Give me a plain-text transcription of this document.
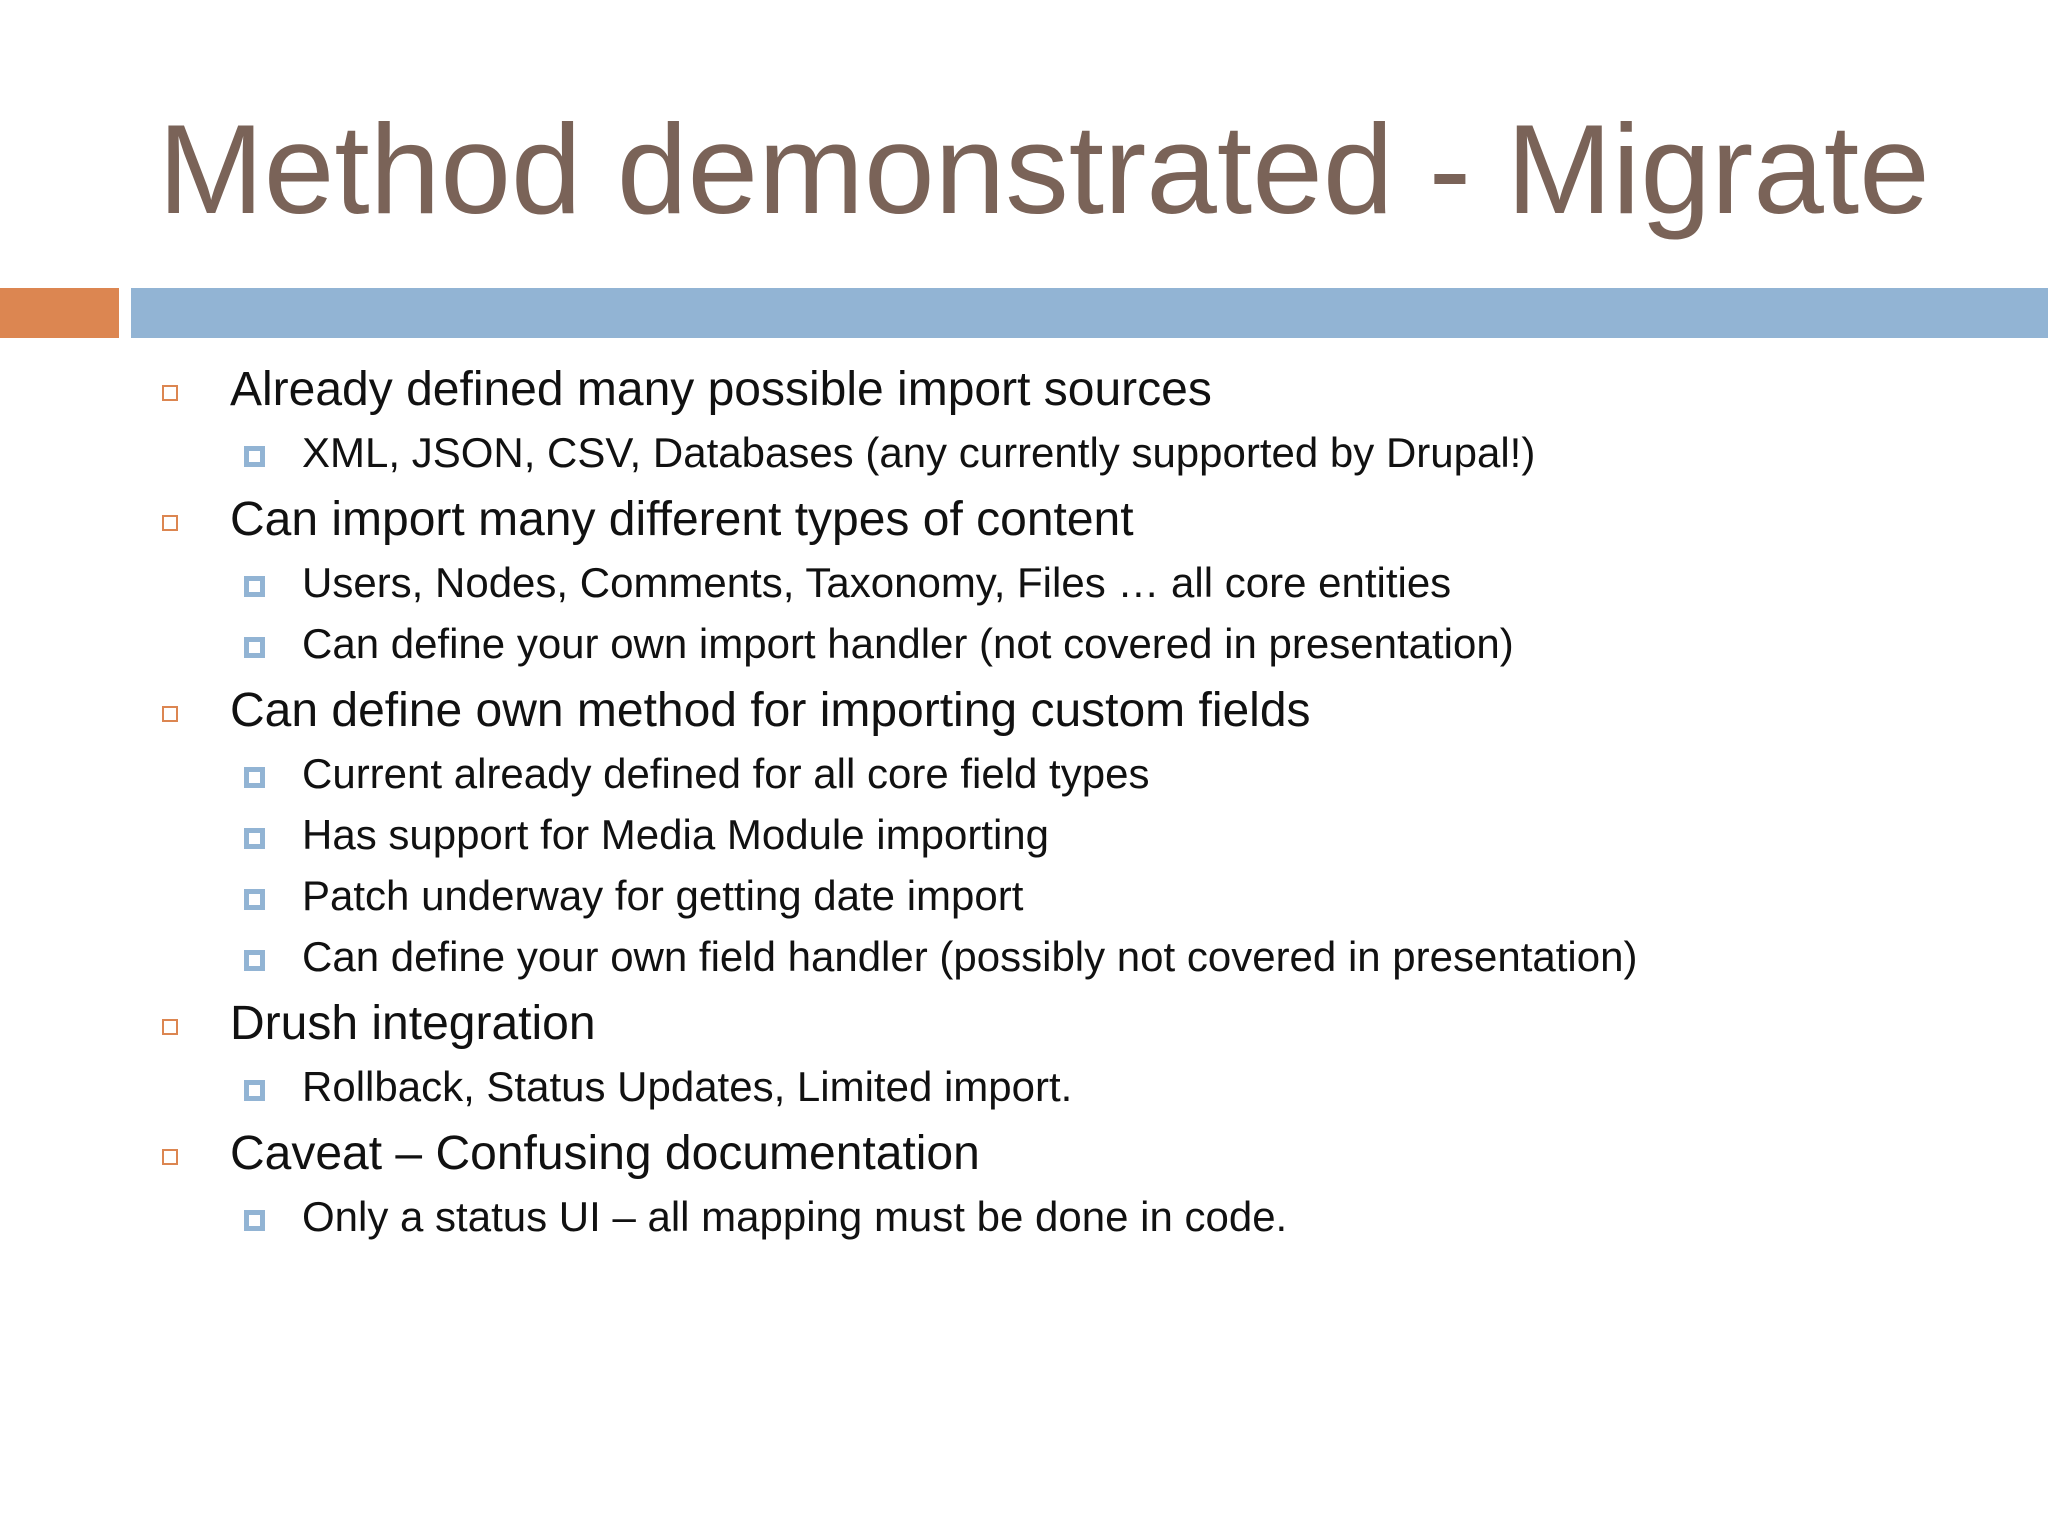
Method demonstrated - Migrate
Already defined many possible import sources
XML, JSON, CSV, Databases (any currently supported by Drupal!)
Can import many different types of content
Users, Nodes, Comments, Taxonomy, Files … all core entities
Can define your own import handler (not covered in presentation)
Can define own method for importing custom fields
Current already defined for all core field types
Has support for Media Module importing
Patch underway for getting date import
Can define your own field handler (possibly not covered in presentation)
Drush integration
Rollback, Status Updates, Limited import.
Caveat – Confusing documentation
Only a status UI – all mapping must be done in code.
